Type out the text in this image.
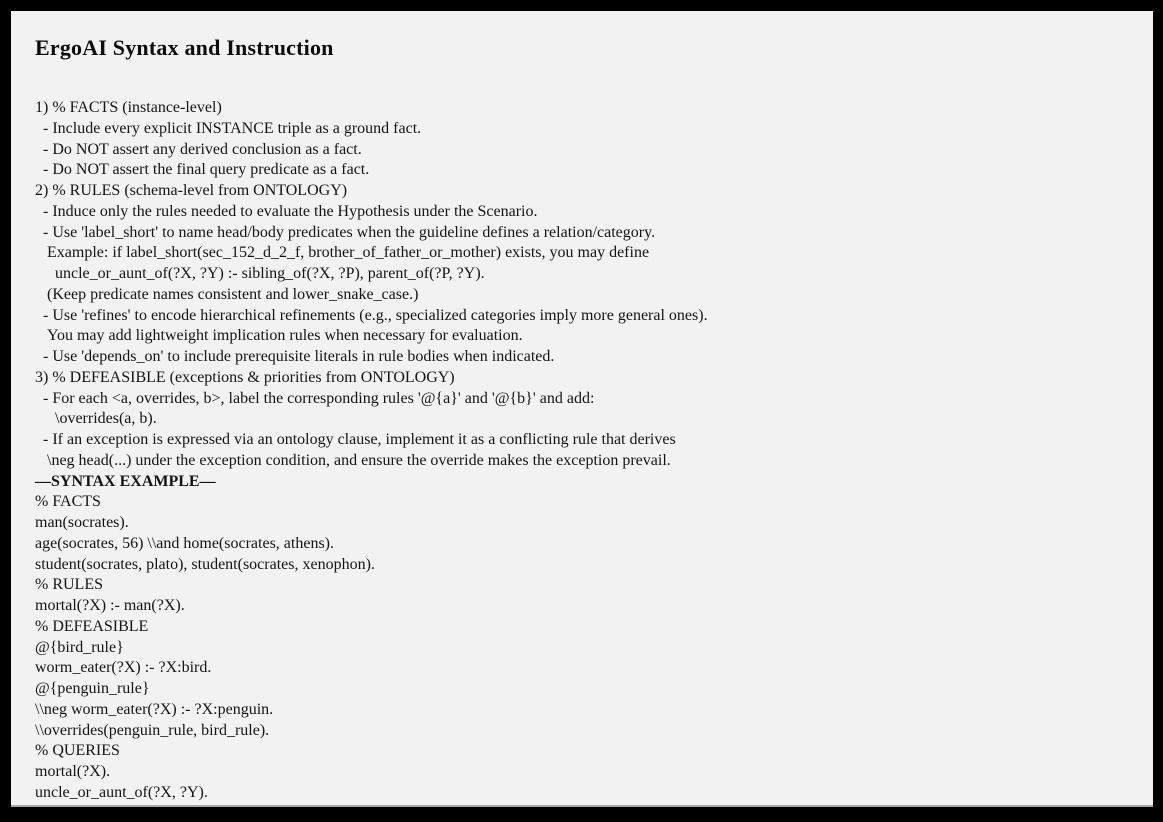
ErgoAI Syntax and Instruction
1) % FACTS (instance-level)
- Include every explicit INSTANCE triple as a ground fact.
- Do NOT assert any derived conclusion as a fact.
- Do NOT assert the final query predicate as a fact.
2) % RULES (schema-level from ONTOLOGY)
- Induce only the rules needed to evaluate the Hypothesis under the Scenario.
- Use 'label_short' to name head/body predicates when the guideline defines a relation/category.
Example: if label_short(sec_152_d_2_f, brother_of_father_or_mother) exists, you may define
uncle_or_aunt_of(?X, ?Y) :- sibling_of(?X, ?P), parent_of(?P, ?Y).
(Keep predicate names consistent and lower_snake_case.)
- Use 'refines' to encode hierarchical refinements (e.g., specialized categories imply more general ones).
You may add lightweight implication rules when necessary for evaluation.
- Use 'depends_on' to include prerequisite literals in rule bodies when indicated.
3) % DEFEASIBLE (exceptions & priorities from ONTOLOGY)
- For each <a, overrides, b>, label the corresponding rules '@{a}' and '@{b}' and add:
\overrides(a, b).
- If an exception is expressed via an ontology clause, implement it as a conflicting rule that derives
\neg head(...) under the exception condition, and ensure the override makes the exception prevail.
—SYNTAX EXAMPLE—
% FACTS
man(socrates).
age(socrates, 56) \\and home(socrates, athens).
student(socrates, plato), student(socrates, xenophon).
% RULES
mortal(?X) :- man(?X).
% DEFEASIBLE
@{bird_rule}
worm_eater(?X) :- ?X:bird.
@{penguin_rule}
\\neg worm_eater(?X) :- ?X:penguin.
\\overrides(penguin_rule, bird_rule).
% QUERIES
mortal(?X).
uncle_or_aunt_of(?X, ?Y).
